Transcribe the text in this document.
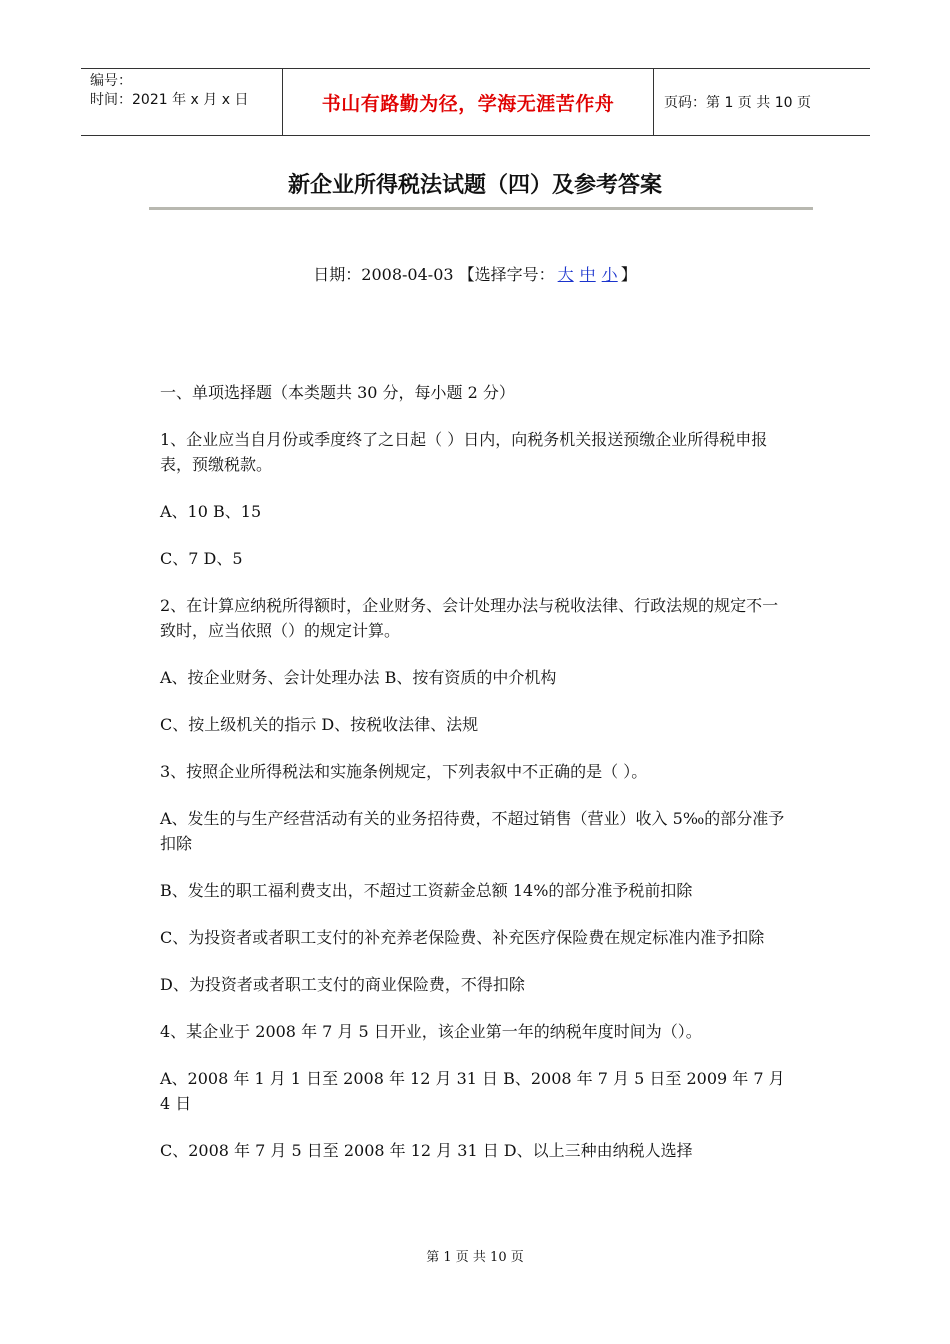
编号：
时间：2021 年 x 月 x 日	书山有路勤为径，学海无涯苦作舟	页码：第 1 页 共 10 页
新企业所得税法试题（四）及参考答案
日期：2008-04-03 【选择字号： 大 中 小 】

一、单项选择题（本类题共 30 分，每小题 2 分）

1、企业应当自月份或季度终了之日起（ ）日内，向税务机关报送预缴企业所得税申报表，预缴税款。

A、10 B、15

C、7 D、5

2、在计算应纳税所得额时，企业财务、会计处理办法与税收法律、行政法规的规定不一致时，应当依照（）的规定计算。

A、按企业财务、会计处理办法 B、按有资质的中介机构

C、按上级机关的指示 D、按税收法律、法规

3、按照企业所得税法和实施条例规定，下列表叙中不正确的是（ ）。

A、发生的与生产经营活动有关的业务招待费，不超过销售（营业）收入 5‰的部分准予扣除

B、发生的职工福利费支出，不超过工资薪金总额 14%的部分准予税前扣除

C、为投资者或者职工支付的补充养老保险费、补充医疗保险费在规定标准内准予扣除

D、为投资者或者职工支付的商业保险费，不得扣除

4、某企业于 2008 年 7 月 5 日开业，该企业第一年的纳税年度时间为（）。

A、2008 年 1 月 1 日至 2008 年 12 月 31 日 B、2008 年 7 月 5 日至 2009 年 7 月 4 日

C、2008 年 7 月 5 日至 2008 年 12 月 31 日 D、以上三种由纳税人选择

第 1 页 共 10 页
